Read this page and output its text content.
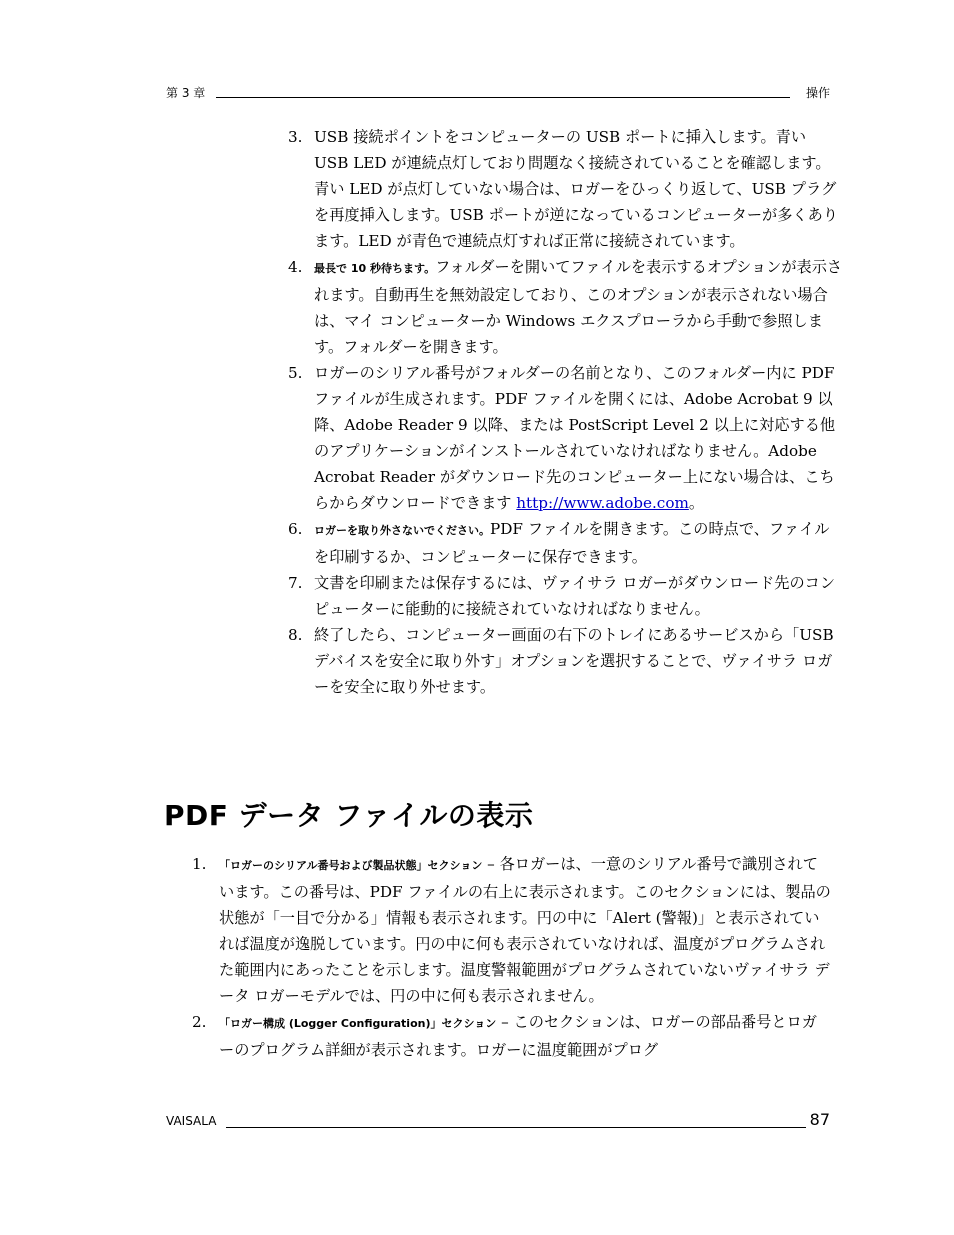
第 3 章	操作
3. USB 接続ポイントをコンピューターの USB ポートに挿入します。青い USB LED が連続点灯しており問題なく接続されていることを確認します。青い LED が点灯していない場合は、ロガーをひっくり返して、USB プラグを再度挿入します。USB ポートが逆になっているコンピューターが多くあります。LED が青色で連続点灯すれば正常に接続されています。
4. 最長で 10 秒待ちます。フォルダーを開いてファイルを表示するオプションが表示されます。自動再生を無効設定しており、このオプションが表示されない場合は、マイ コンピューターか Windows エクスプローラから手動で参照します。フォルダーを開きます。
5. ロガーのシリアル番号がフォルダーの名前となり、このフォルダー内に PDF ファイルが生成されます。PDF ファイルを開くには、Adobe Acrobat 9 以降、Adobe Reader 9 以降、または PostScript Level 2 以上に対応する他のアプリケーションがインストールされていなければなりません。Adobe Acrobat Reader がダウンロード先のコンピューター上にない場合は、こちらからダウンロードできます http://www.adobe.com。
6. ロガーを取り外さないでください。PDF ファイルを開きます。この時点で、ファイルを印刷するか、コンピューターに保存できます。
7. 文書を印刷または保存するには、ヴァイサラ ロガーがダウンロード先のコンピューターに能動的に接続されていなければなりません。
8. 終了したら、コンピューター画面の右下のトレイにあるサービスから「USB デバイスを安全に取り外す」オプションを選択することで、ヴァイサラ ロガーを安全に取り外せます。
PDF データ ファイルの表示
1. 「ロガーのシリアル番号および製品状態」セクション – 各ロガーは、一意のシリアル番号で識別されています。この番号は、PDF ファイルの右上に表示されます。このセクションには、製品の状態が「一目で分かる」情報も表示されます。円の中に「Alert (警報)」と表示されていれば温度が逸脱しています。円の中に何も表示されていなければ、温度がプログラムされた範囲内にあったことを示します。温度警報範囲がプログラムされていないヴァイサラ データ ロガーモデルでは、円の中に何も表示されません。
2. 「ロガー構成 (Logger Configuration)」セクション – このセクションは、ロガーの部品番号とロガーのプログラム詳細が表示されます。ロガーに温度範囲がプログ
VAISALA	87
